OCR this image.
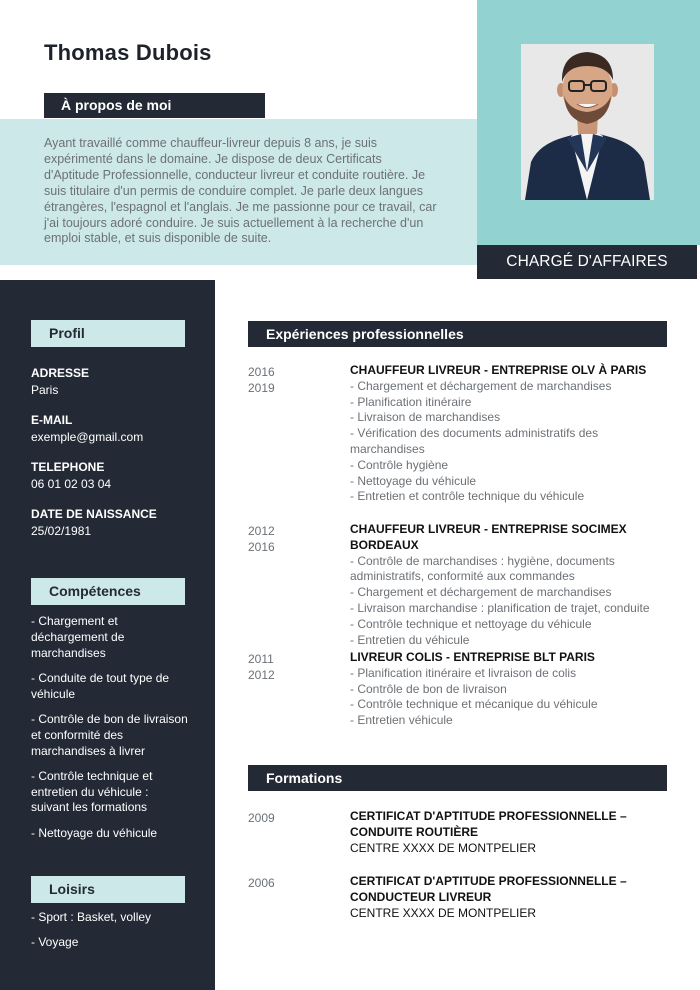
Thomas Dubois
À propos de moi
Ayant travaillé comme chauffeur-livreur depuis 8 ans, je suis expérimenté dans le domaine. Je dispose de deux Certificats d'Aptitude Professionnelle, conducteur livreur et conduite routière. Je suis titulaire d'un permis de conduire complet. Je parle deux langues étrangères, l'espagnol et l'anglais. Je me passionne pour ce travail, car j'ai toujours adoré conduire. Je suis actuellement à la recherche d'un emploi stable, et suis disponible de suite.
CHARGÉ D'AFFAIRES
Profil
ADRESSE
Paris
E-MAIL
exemple@gmail.com
TELEPHONE
06 01 02 03 04
DATE DE NAISSANCE
25/02/1981
Compétences
- Chargement et déchargement de marchandises
- Conduite de tout type de véhicule
- Contrôle de bon de livraison et conformité des marchandises à livrer
- Contrôle technique et entretien du véhicule : suivant les formations
- Nettoyage du véhicule
Loisirs
- Sport : Basket, volley
- Voyage
Expériences professionnelles
2016
2019
CHAUFFEUR LIVREUR - ENTREPRISE OLV À PARIS
- Chargement et déchargement de marchandises
- Planification itinéraire
- Livraison de marchandises
- Vérification des documents administratifs des marchandises
- Contrôle hygiène
- Nettoyage du véhicule
- Entretien et contrôle technique du véhicule
2012
2016
CHAUFFEUR LIVREUR - ENTREPRISE SOCIMEX BORDEAUX
- Contrôle de marchandises : hygiène, documents administratifs, conformité aux commandes
- Chargement et déchargement de marchandises
- Livraison marchandise : planification de trajet, conduite
- Contrôle technique et nettoyage du véhicule
- Entretien du véhicule
2011
2012
LIVREUR COLIS - ENTREPRISE BLT PARIS
- Planification itinéraire et livraison de colis
- Contrôle de bon de livraison
- Contrôle technique et mécanique du véhicule
- Entretien véhicule
Formations
2009	CERTIFICAT D'APTITUDE PROFESSIONNELLE – CONDUITE ROUTIÈRE
CENTRE XXXX DE MONTPELIER
2006	CERTIFICAT D'APTITUDE PROFESSIONNELLE – CONDUCTEUR LIVREUR
CENTRE XXXX DE MONTPELIER
